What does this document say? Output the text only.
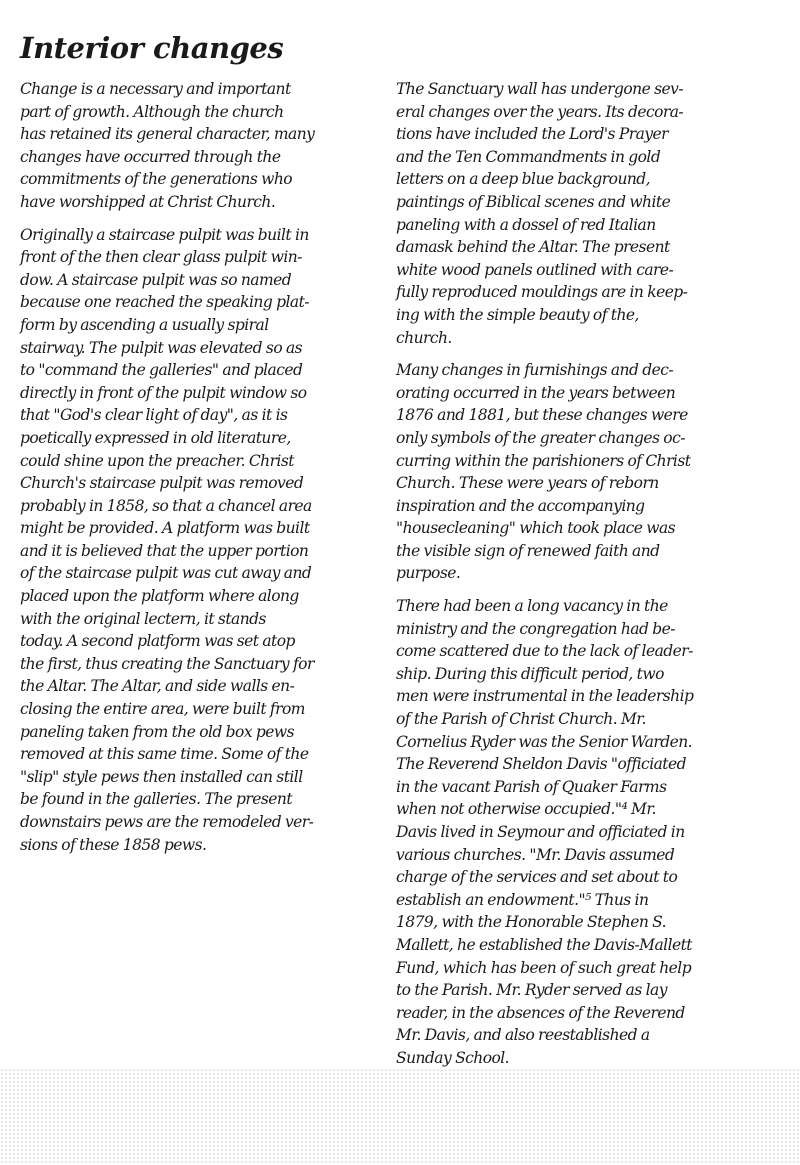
Interior changes
Change is a necessary and important
part of growth. Although the church
has retained its general character, many
changes have occurred through the
commitments of the generations who
have worshipped at Christ Church.
Originally a staircase pulpit was built in
front of the then clear glass pulpit win-
dow. A staircase pulpit was so named
because one reached the speaking plat-
form by ascending a usually spiral
stairway. The pulpit was elevated so as
to "command the galleries" and placed
directly in front of the pulpit window so
that "God's clear light of day", as it is
poetically expressed in old literature,
could shine upon the preacher. Christ
Church's staircase pulpit was removed
probably in 1858, so that a chancel area
might be provided. A platform was built
and it is believed that the upper portion
of the staircase pulpit was cut away and
placed upon the platform where along
with the original lectern, it stands
today. A second platform was set atop
the first, thus creating the Sanctuary for
the Altar. The Altar, and side walls en-
closing the entire area, were built from
paneling taken from the old box pews
removed at this same time. Some of the
"slip" style pews then installed can still
be found in the galleries. The present
downstairs pews are the remodeled ver-
sions of these 1858 pews.
The Sanctuary wall has undergone sev-
eral changes over the years. Its decora-
tions have included the Lord's Prayer
and the Ten Commandments in gold
letters on a deep blue background,
paintings of Biblical scenes and white
paneling with a dossel of red Italian
damask behind the Altar. The present
white wood panels outlined with care-
fully reproduced mouldings are in keep-
ing with the simple beauty of the,
church.
Many changes in furnishings and dec-
orating occurred in the years between
1876 and 1881, but these changes were
only symbols of the greater changes oc-
curring within the parishioners of Christ
Church. These were years of reborn
inspiration and the accompanying
"housecleaning" which took place was
the visible sign of renewed faith and
purpose.
There had been a long vacancy in the
ministry and the congregation had be-
come scattered due to the lack of leader-
ship. During this difficult period, two
men were instrumental in the leadership
of the Parish of Christ Church. Mr.
Cornelius Ryder was the Senior Warden.
The Reverend Sheldon Davis "officiated
in the vacant Parish of Quaker Farms
when not otherwise occupied."⁴ Mr.
Davis lived in Seymour and officiated in
various churches. "Mr. Davis assumed
charge of the services and set about to
establish an endowment."⁵ Thus in
1879, with the Honorable Stephen S.
Mallett, he established the Davis-Mallett
Fund, which has been of such great help
to the Parish. Mr. Ryder served as lay
reader, in the absences of the Reverend
Mr. Davis, and also reestablished a
Sunday School.
